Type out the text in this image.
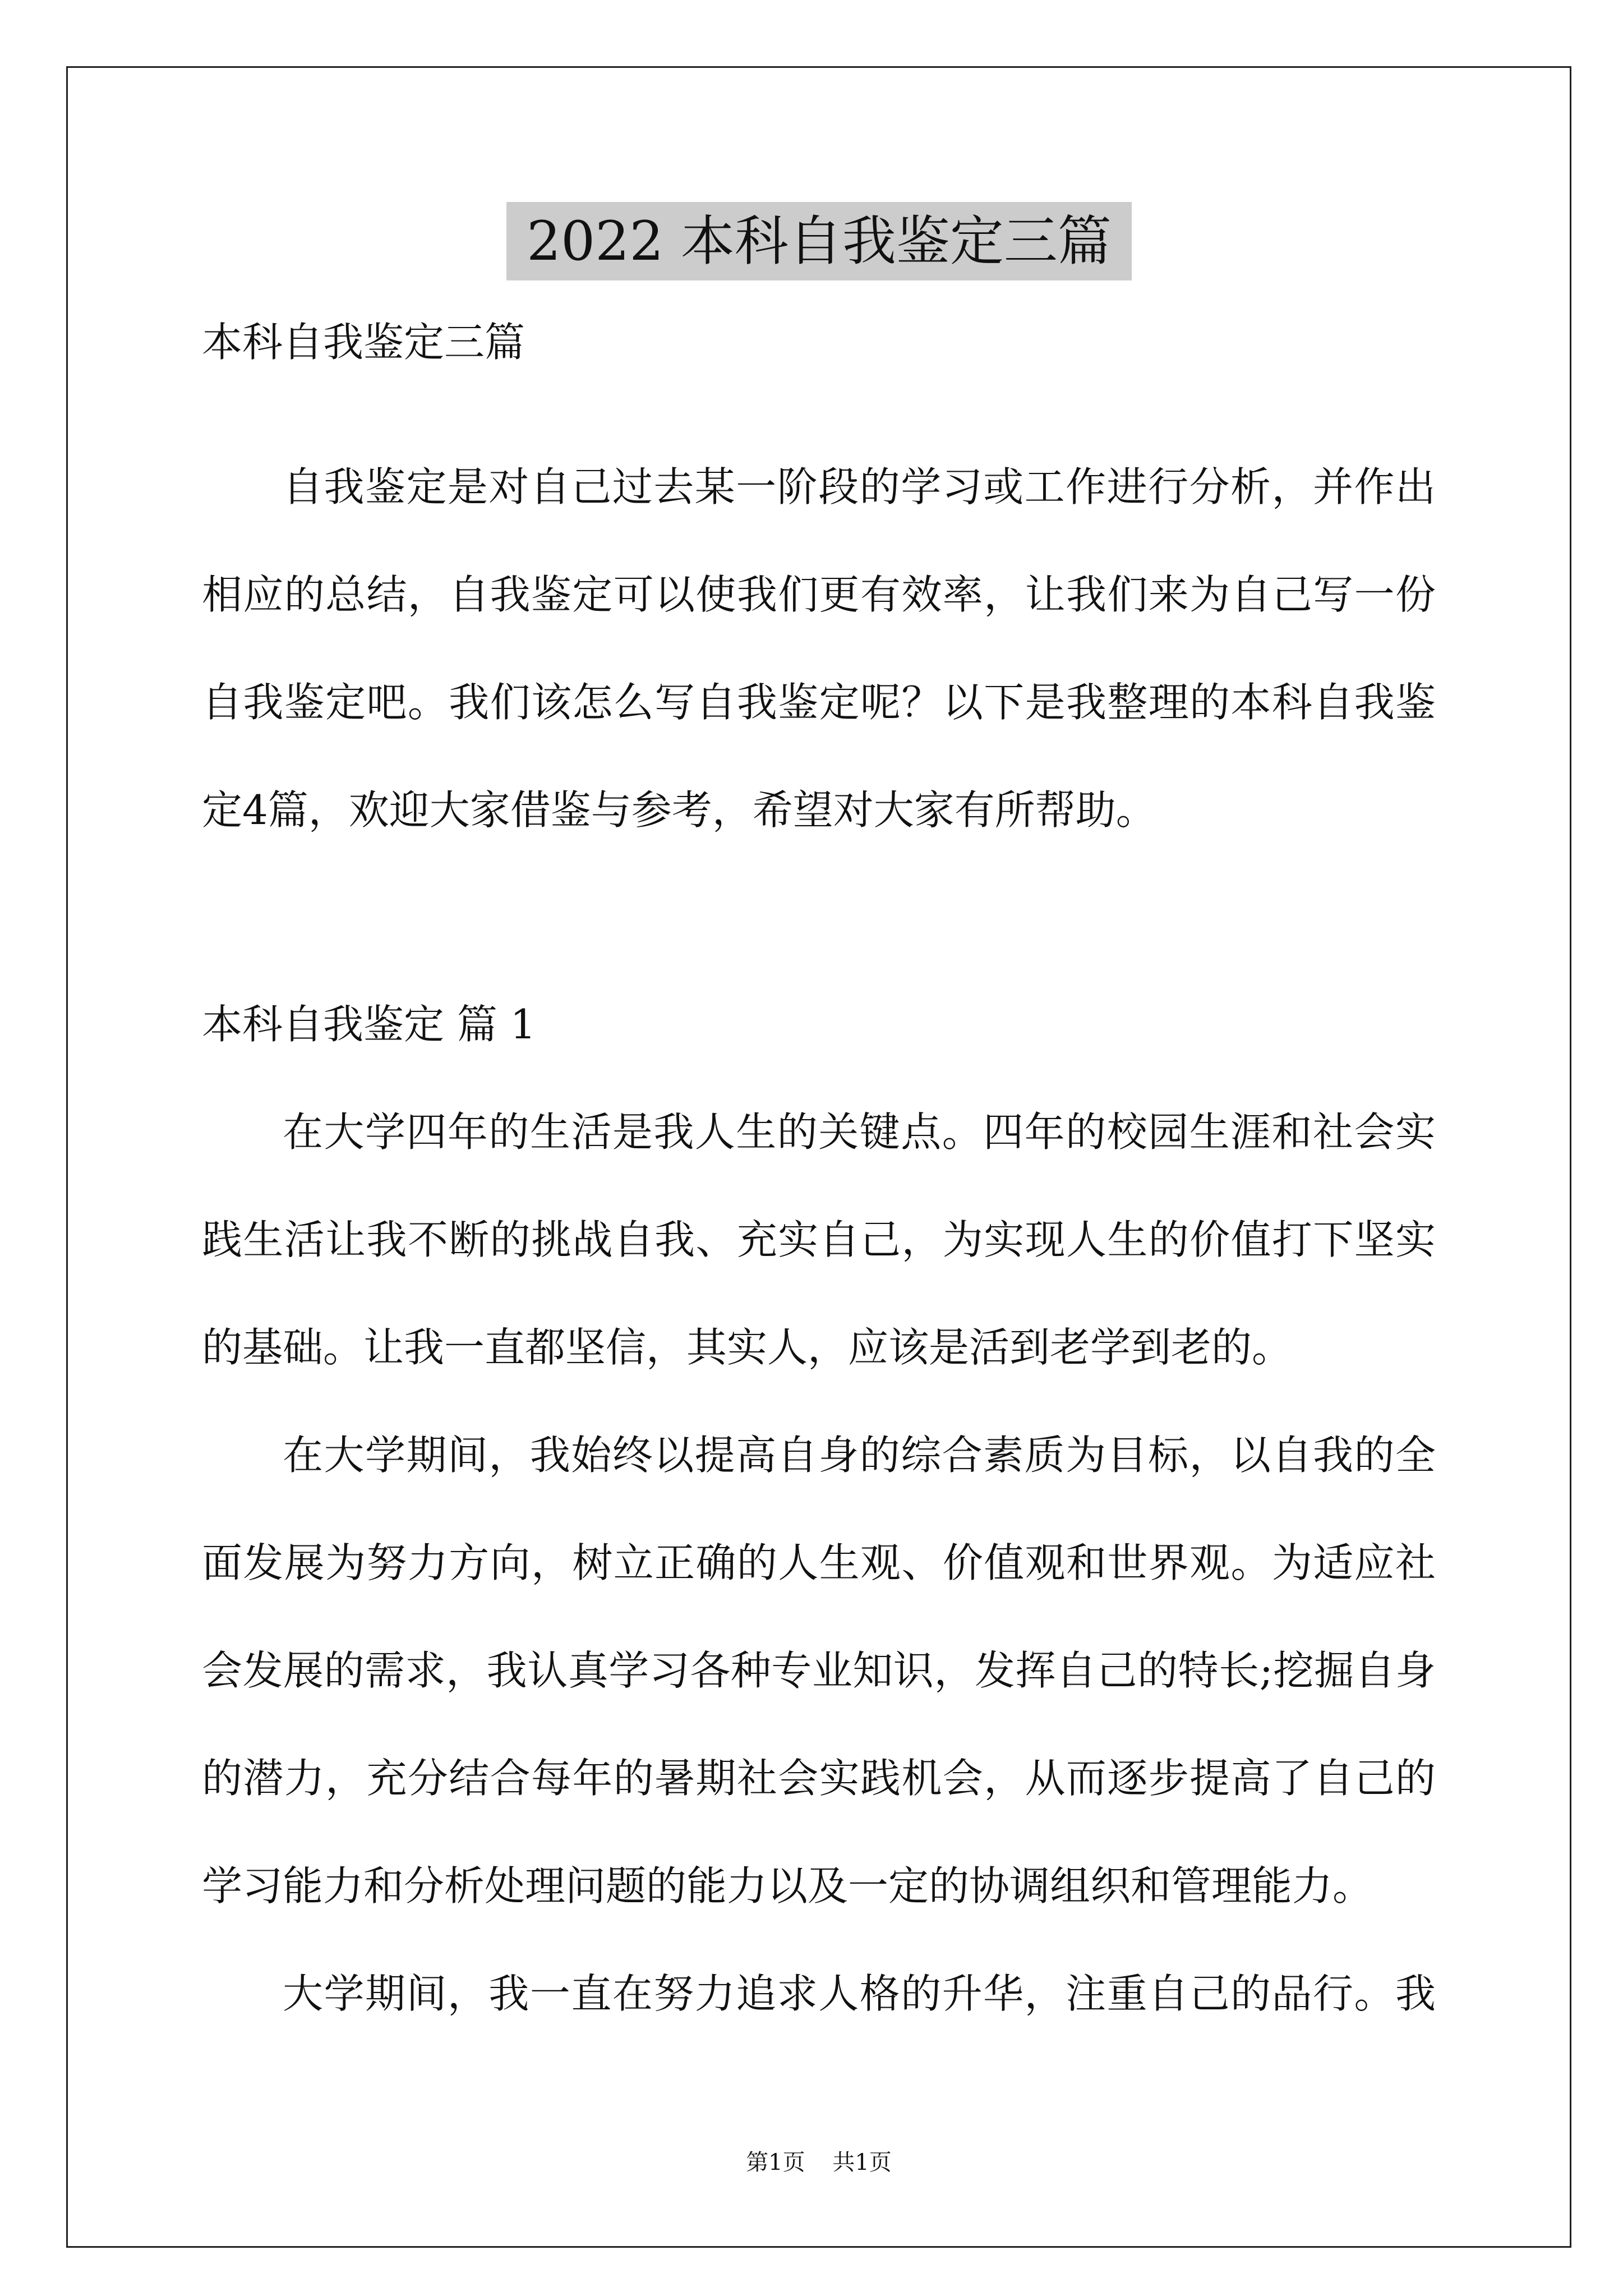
2022 本科自我鉴定三篇
本科自我鉴定三篇
自我鉴定是对自己过去某一阶段的学习或工作进行分析，并作出
相应的总结，自我鉴定可以使我们更有效率，让我们来为自己写一份
自我鉴定吧。我们该怎么写自我鉴定呢？以下是我整理的本科自我鉴
定4篇，欢迎大家借鉴与参考，希望对大家有所帮助。
本科自我鉴定 篇 1
在大学四年的生活是我人生的关键点。四年的校园生涯和社会实
践生活让我不断的挑战自我、充实自己，为实现人生的价值打下坚实
的基础。让我一直都坚信，其实人，应该是活到老学到老的。
在大学期间，我始终以提高自身的综合素质为目标，以自我的全
面发展为努力方向，树立正确的人生观、价值观和世界观。为适应社
会发展的需求，我认真学习各种专业知识，发挥自己的特长;挖掘自身
的潜力，充分结合每年的暑期社会实践机会，从而逐步提高了自己的
学习能力和分析处理问题的能力以及一定的协调组织和管理能力。
大学期间，我一直在努力追求人格的升华，注重自己的品行。我
第1页 共1页
